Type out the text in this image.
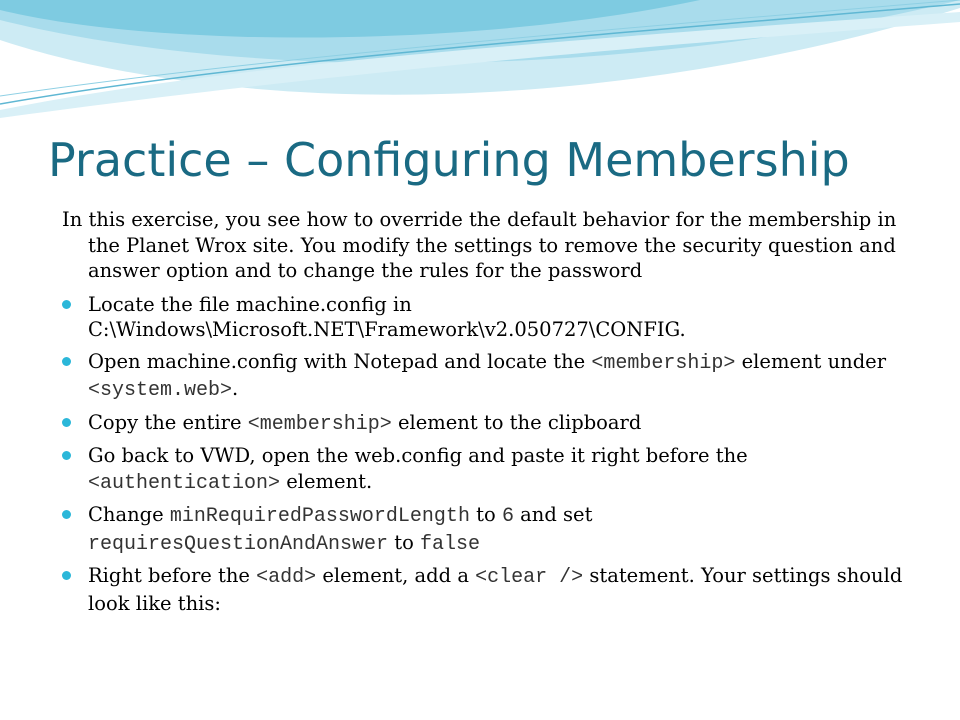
Practice – Configuring Membership

In this exercise, you see how to override the default behavior for the membership in the Planet Wrox site. You modify the settings to remove the security question and answer option and to change the rules for the password

Locate the file machine.config in
C:\Windows\Microsoft.NET\Framework\v2.050727\CONFIG.
Open machine.config with Notepad and locate the <membership> element under <system.web>.
Copy the entire <membership> element to the clipboard
Go back to VWD, open the web.config and paste it right before the <authentication> element.
Change minRequiredPasswordLength to 6 and set
requiresQuestionAndAnswer to false
Right before the <add> element, add a <clear /> statement. Your settings should look like this:
